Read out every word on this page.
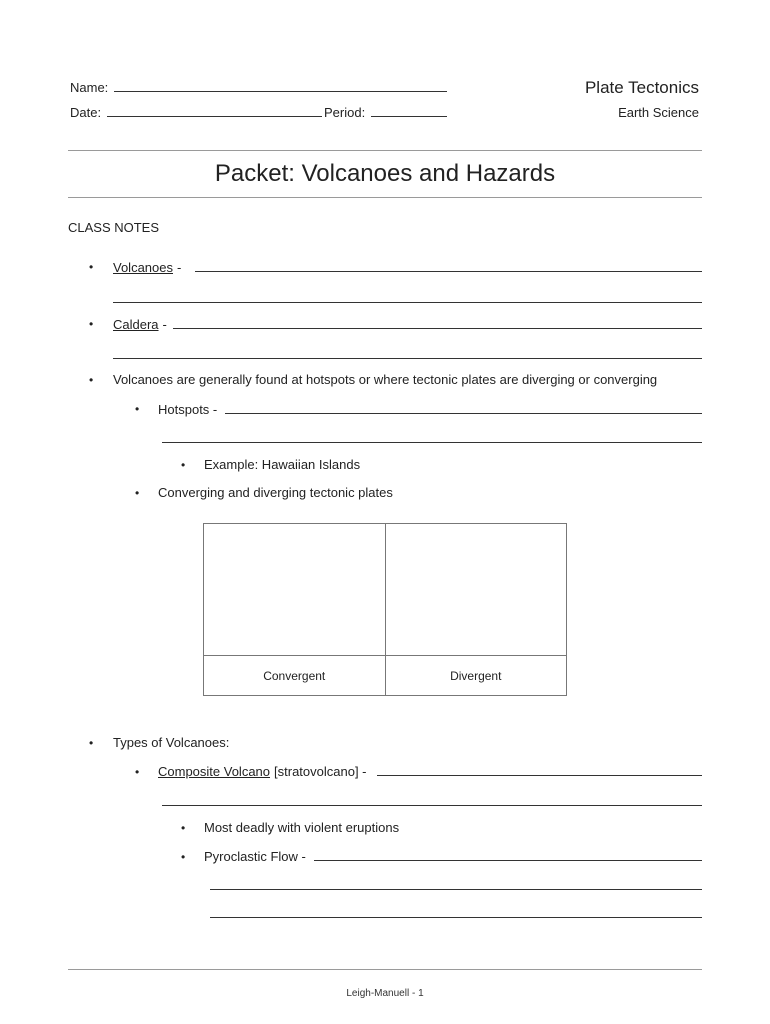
Name:
Date:	Period:
Plate Tectonics
Earth Science
Packet: Volcanoes and Hazards
CLASS NOTES
• Volcanoes -
• Caldera -
• Volcanoes are generally found at hotspots or where tectonic plates are diverging or converging
• Hotspots -
• Example: Hawaiian Islands
• Converging and diverging tectonic plates

Convergent	Divergent
• Types of Volcanoes:
• Composite Volcano [stratovolcano] -
• Most deadly with violent eruptions
• Pyroclastic Flow -
Leigh-Manuell - 1
